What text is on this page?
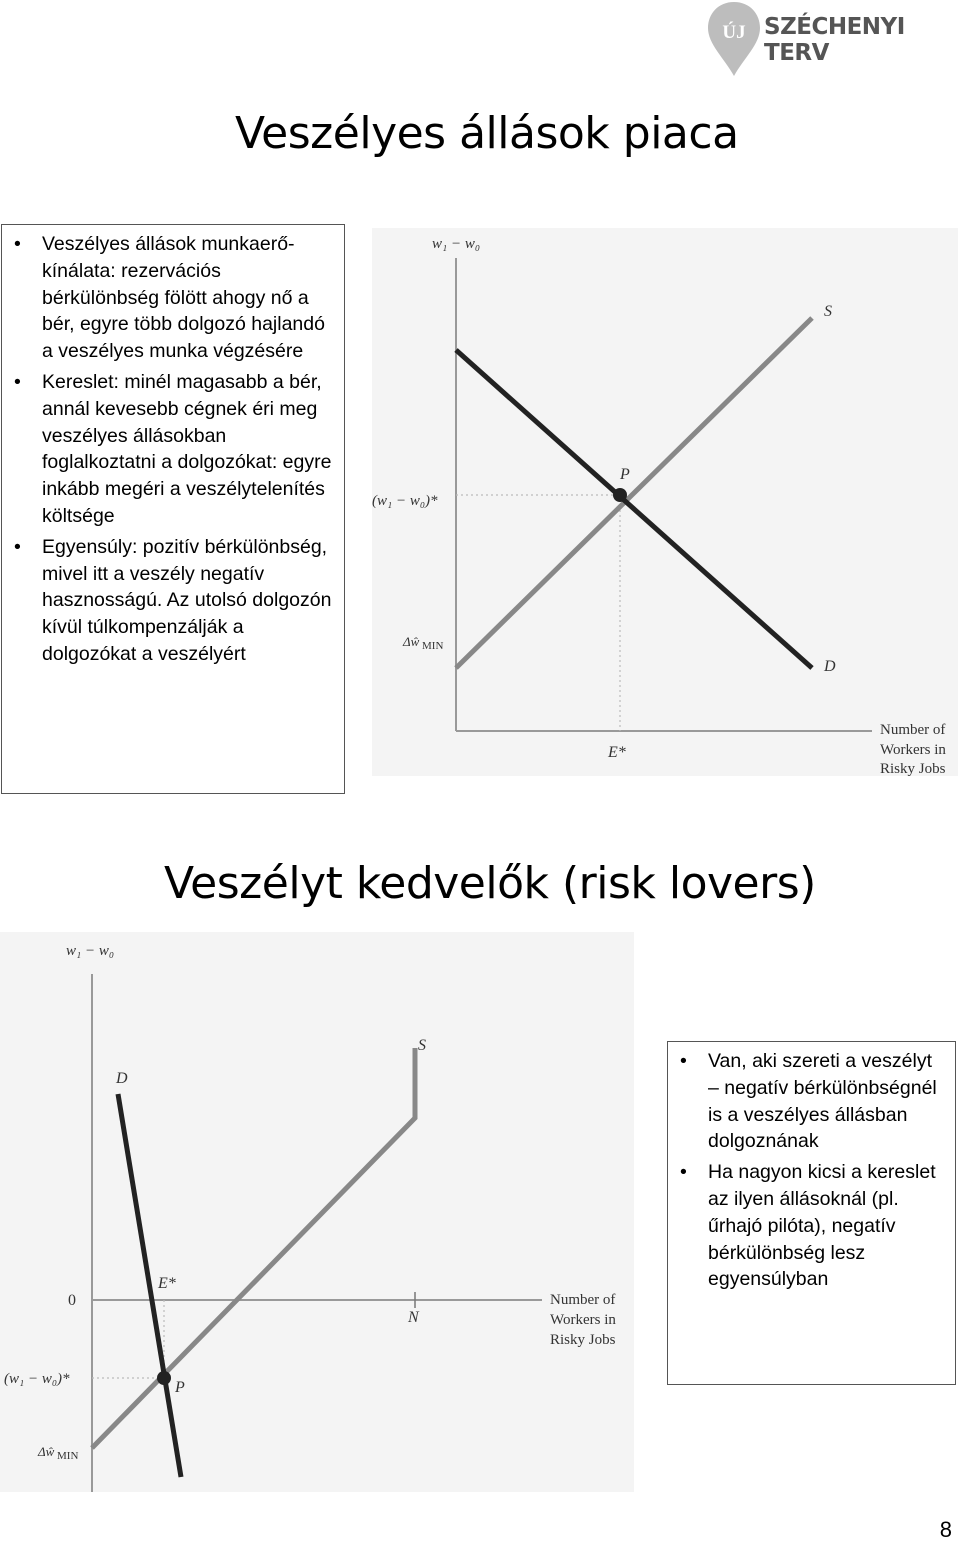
ÚJ SZÉCHENYI TERV
Veszélyes állások piaca
• Veszélyes állások munkaerő-kínálata: rezervációs bérkülönbség fölött ahogy nő a bér, egyre több dolgozó hajlandó a veszélyes munka végzésére
• Kereslet: minél magasabb a bér, annál kevesebb cégnek éri meg veszélyes állásokban foglalkoztatni a dolgozókat: egyre inkább megéri a veszélytelenítés költsége
• Egyensúly: pozitív bérkülönbség, mivel itt a veszély negatív hasznosságú. Az utolsó dolgozón kívül túlkompenzálják a dolgozókat a veszélyért
w₁ − w₀
S
D
P
(w₁ − w₀)*
E*
Δŵ MIN
Number of
Workers in
Risky Jobs
Veszélyt kedvelők (risk lovers)
w₁ − w₀
S
D
P
N
0
(w₁ − w₀)*
E*
Δŵ MIN
Number of
Workers in
Risky Jobs
• Van, aki szereti a veszélyt – negatív bérkülönbségnél is a veszélyes állásban dolgoznának
• Ha nagyon kicsi a kereslet az ilyen állásoknál (pl. űrhajó pilóta), negatív bérkülönbség lesz egyensúlyban
8
